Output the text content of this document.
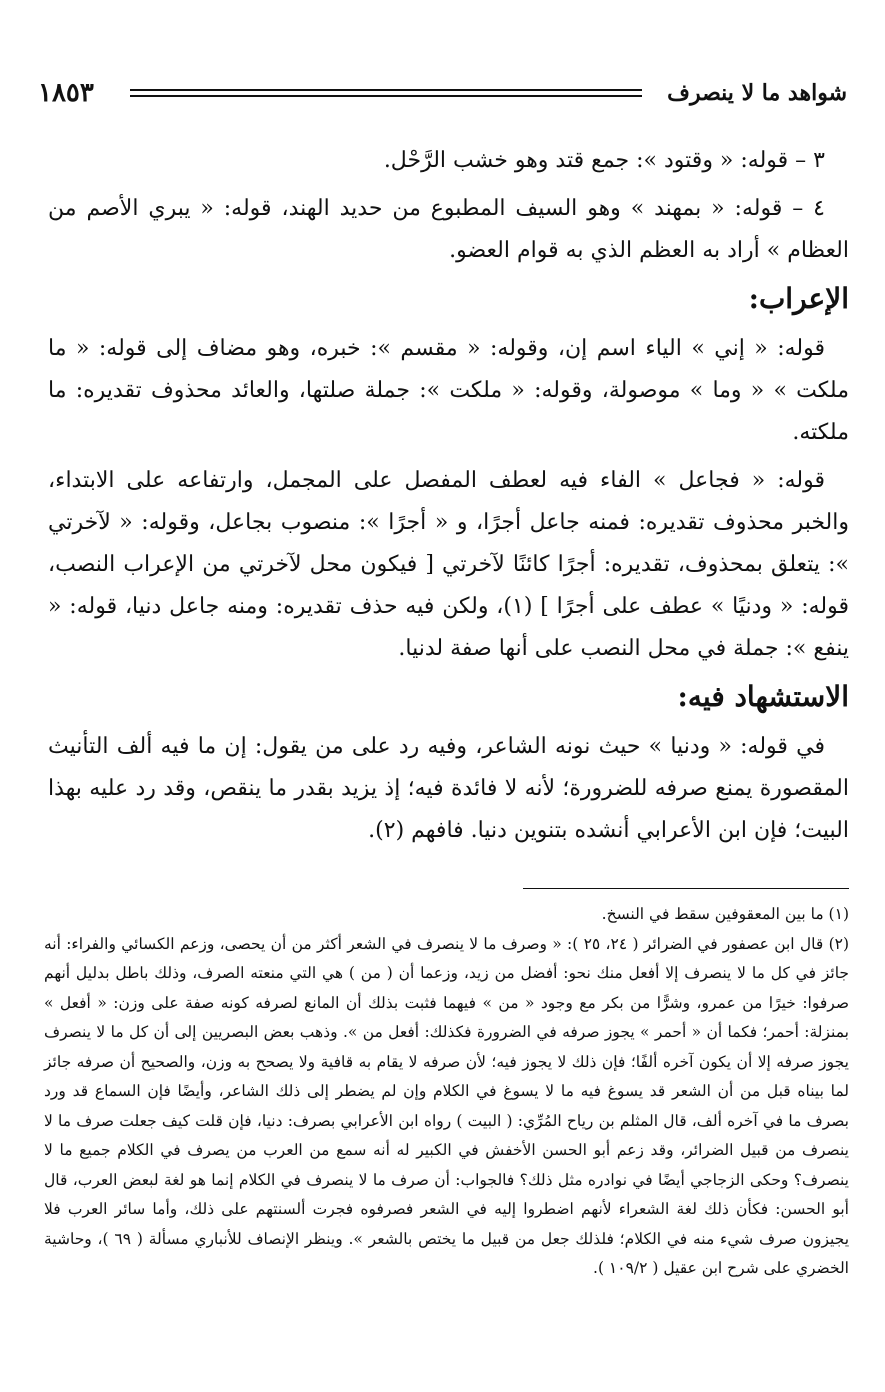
شواهد ما لا ينصرف
١٨٥٣

٣ – قوله: « وقتود »: جمع قتد وهو خشب الرَّحْل.

٤ – قوله: « بمهند » وهو السيف المطبوع من حديد الهند، قوله: « يبري الأصم من العظام » أراد به العظم الذي به قوام العضو.

الإعراب:

قوله: « إني » الياء اسم إن، وقوله: « مقسم »: خبره، وهو مضاف إلى قوله: « ما ملكت » « وما » موصولة، وقوله: « ملكت »: جملة صلتها، والعائد محذوف تقديره: ما ملكته.

قوله: « فجاعل » الفاء فيه لعطف المفصل على المجمل، وارتفاعه على الابتداء، والخبر محذوف تقديره: فمنه جاعل أجرًا، و « أجرًا »: منصوب بجاعل، وقوله: « لآخرتي »: يتعلق بمحذوف، تقديره: أجرًا كائنًا لآخرتي [ فيكون محل لآخرتي من الإعراب النصب، قوله: « ودنيًا » عطف على أجرًا ] (١)، ولكن فيه حذف تقديره: ومنه جاعل دنيا، قوله: « ينفع »: جملة في محل النصب على أنها صفة لدنيا.

الاستشهاد فيه:

في قوله: « ودنيا » حيث نونه الشاعر، وفيه رد على من يقول: إن ما فيه ألف التأنيث المقصورة يمنع صرفه للضرورة؛ لأنه لا فائدة فيه؛ إذ يزيد بقدر ما ينقص، وقد رد عليه بهذا البيت؛ فإن ابن الأعرابي أنشده بتنوين دنيا. فافهم (٢).

(١) ما بين المعقوفين سقط في النسخ.

(٢) قال ابن عصفور في الضرائر ( ٢٤، ٢٥ ): « وصرف ما لا ينصرف في الشعر أكثر من أن يحصى، وزعم الكسائي والفراء: أنه جائز في كل ما لا ينصرف إلا أفعل منك نحو: أفضل من زيد، وزعما أن ( من ) هي التي منعته الصرف، وذلك باطل بدليل أنهم صرفوا: خيرًا من عمرو، وشرًّا من بكر مع وجود « من » فيهما فثبت بذلك أن المانع لصرفه كونه صفة على وزن: « أفعل » بمنزلة: أحمر؛ فكما أن « أحمر » يجوز صرفه في الضرورة فكذلك: أفعل من ». وذهب بعض البصريين إلى أن كل ما لا ينصرف يجوز صرفه إلا أن يكون آخره ألفًا؛ فإن ذلك لا يجوز فيه؛ لأن صرفه لا يقام به قافية ولا يصحح به وزن، والصحيح أن صرفه جائز لما بيناه قبل من أن الشعر قد يسوغ فيه ما لا يسوغ في الكلام وإن لم يضطر إلى ذلك الشاعر، وأيضًا فإن السماع قد ورد بصرف ما في آخره ألف، قال المثلم بن رياح المُرِّي: ( البيت ) رواه ابن الأعرابي بصرف: دنيا، فإن قلت كيف جعلت صرف ما لا ينصرف من قبيل الضرائر، وقد زعم أبو الحسن الأخفش في الكبير له أنه سمع من العرب من يصرف في الكلام جميع ما لا ينصرف؟ وحكى الزجاجي أيضًا في نوادره مثل ذلك؟ فالجواب: أن صرف ما لا ينصرف في الكلام إنما هو لغة لبعض العرب، قال أبو الحسن: فكأن ذلك لغة الشعراء لأنهم اضطروا إليه في الشعر فصرفوه فجرت ألسنتهم على ذلك، وأما سائر العرب فلا يجيزون صرف شيء منه في الكلام؛ فلذلك جعل من قبيل ما يختص بالشعر ». وينظر الإنصاف للأنباري مسألة ( ٦٩ )، وحاشية الخضري على شرح ابن عقيل ( ١٠٩/٢ ).
